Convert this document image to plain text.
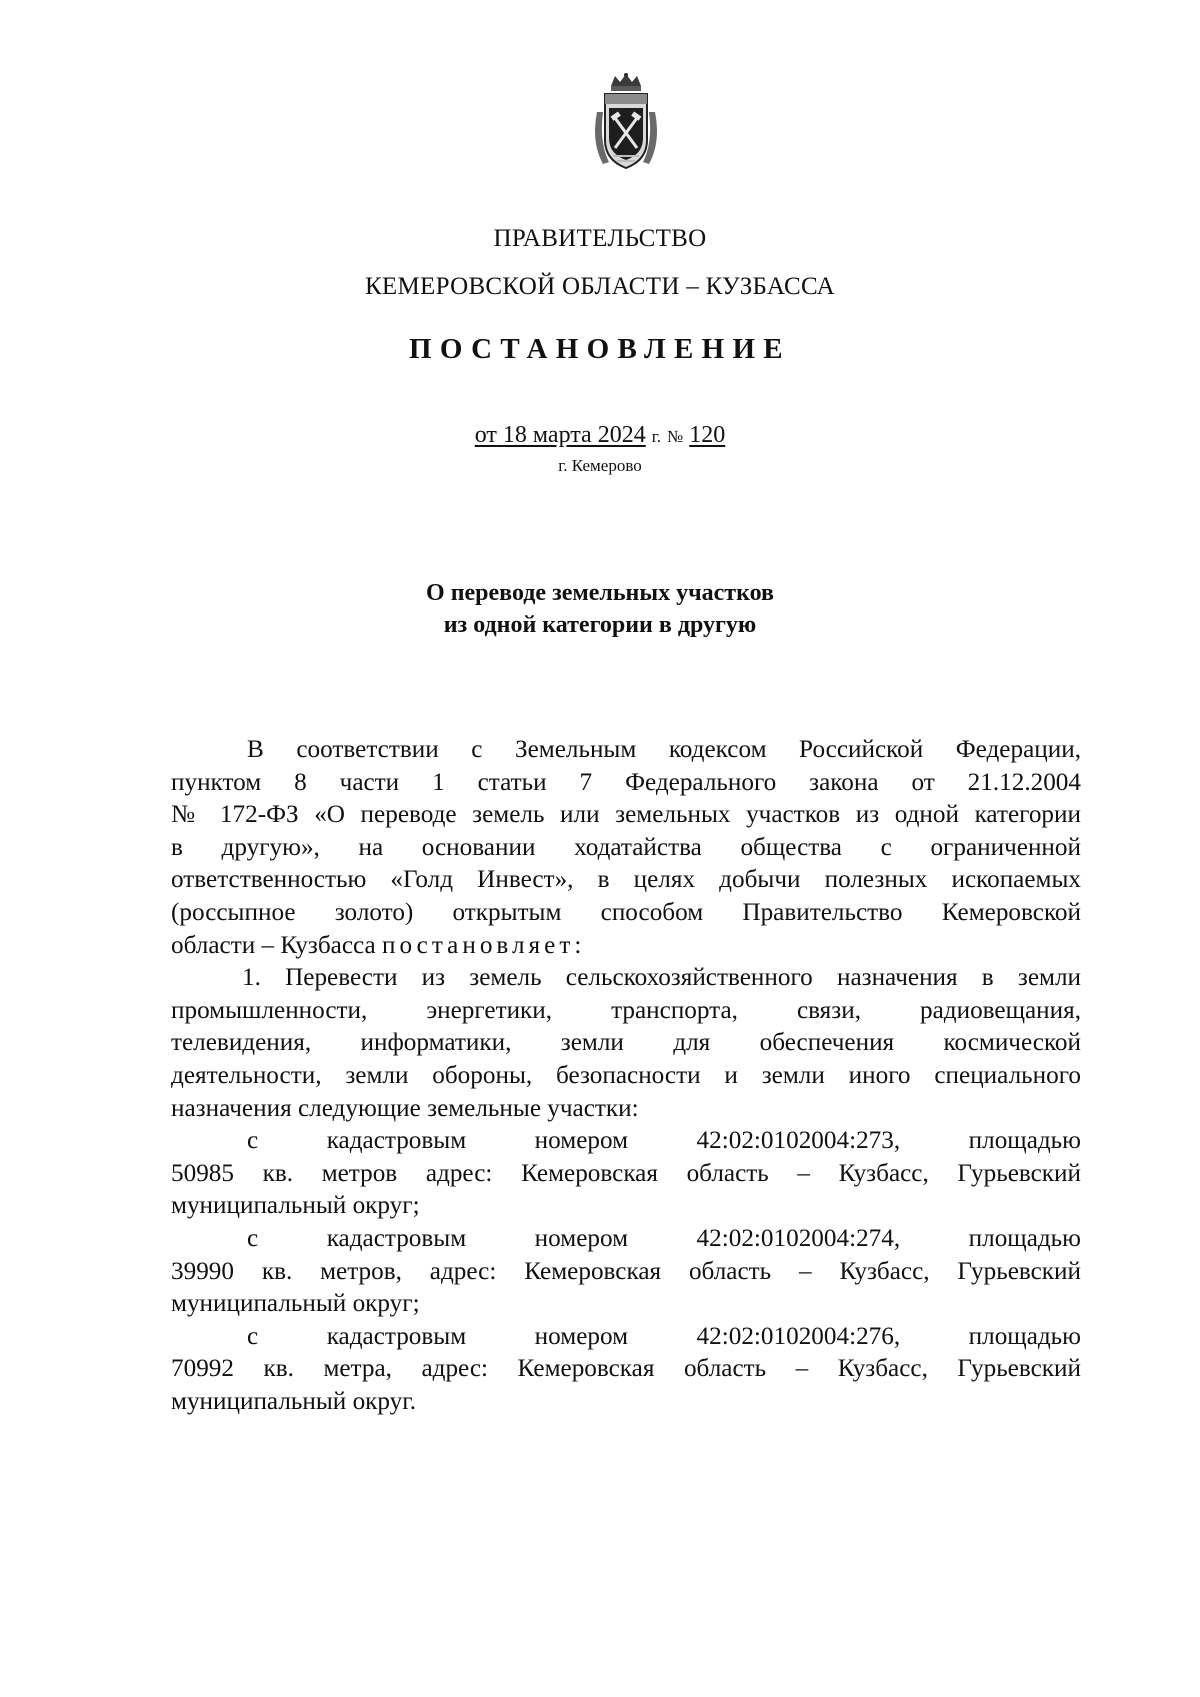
ПРАВИТЕЛЬСТВО
КЕМЕРОВСКОЙ ОБЛАСТИ – КУЗБАССА
ПОСТАНОВЛЕНИЕ
от 18 марта 2024 г. № 120
г. Кемерово
О переводе земельных участков
из одной категории в другую
В соответствии с Земельным кодексом Российской Федерации,
пунктом 8 части 1 статьи 7 Федерального закона от 21.12.2004
№ 172-ФЗ «О переводе земель или земельных участков из одной категории
в другую», на основании ходатайства общества с ограниченной
ответственностью «Голд Инвест», в целях добычи полезных ископаемых
(россыпное золото) открытым способом Правительство Кемеровской
области – Кузбасса постановляет:
1. Перевести из земель сельскохозяйственного назначения в земли
промышленности, энергетики, транспорта, связи, радиовещания,
телевидения, информатики, земли для обеспечения космической
деятельности, земли обороны, безопасности и земли иного специального
назначения следующие земельные участки:
с кадастровым номером 42:02:0102004:273, площадью
50985 кв. метров адрес: Кемеровская область – Кузбасс, Гурьевский
муниципальный округ;
с кадастровым номером 42:02:0102004:274, площадью
39990 кв. метров, адрес: Кемеровская область – Кузбасс, Гурьевский
муниципальный округ;
с кадастровым номером 42:02:0102004:276, площадью
70992 кв. метра, адрес: Кемеровская область – Кузбасс, Гурьевский
муниципальный округ.
